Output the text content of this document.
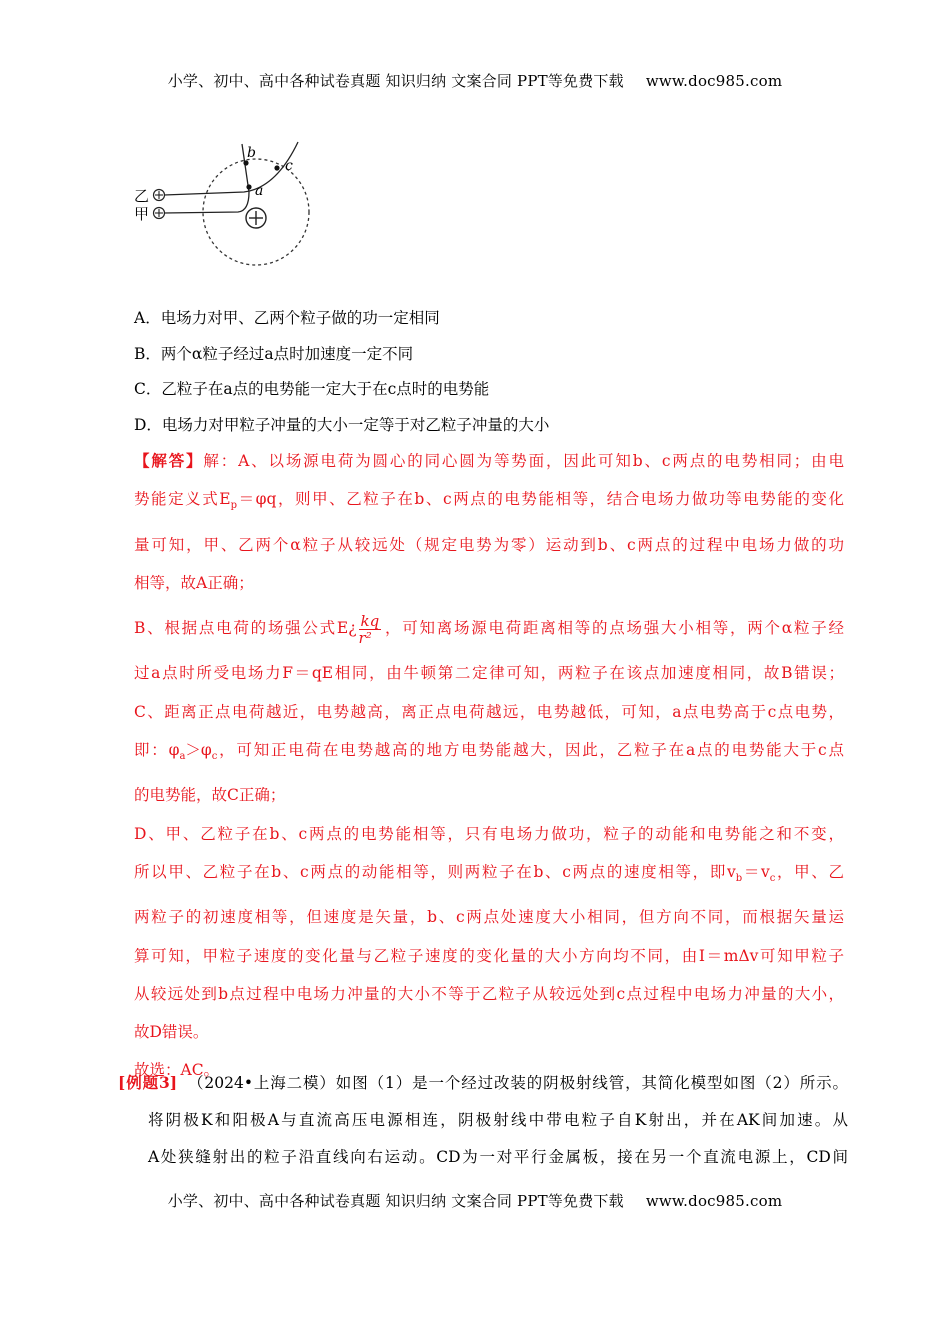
小学、初中、高中各种试卷真题 知识归纳 文案合同 PPT等免费下载 www.doc985.com
乙
甲
a
b
c
A．电场力对甲、乙两个粒子做的功一定相同
B．两个α粒子经过a点时加速度一定不同
C．乙粒子在a点的电势能一定大于在c点时的电势能
D．电场力对甲粒子冲量的大小一定等于对乙粒子冲量的大小

【解答】解：A、以场源电荷为圆心的同心圆为等势面，因此可知b、c两点的电势相同；由电

势能定义式$E_p=\varphi q$，则甲、乙粒子在b、c两点的电势能相等，结合电场力做功等电势能的变化

量可知，甲、乙两个α粒子从较远处（规定电势为零）运动到b、c两点的过程中电场力做的功

相等，故A正确；

B、根据点电荷的场强公式E¿ $\frac{kq}{\text{r²}}$ ，可知离场源电荷距离相等的点场强大小相等，两个α粒子经

过a点时所受电场力F＝qE相同，由牛顿第二定律可知，两粒子在该点加速度相同，故B错误；

C、距离正点电荷越近，电势越高，离正点电荷越远，电势越低，可知，a点电势高于c点电势，

即：$\varphi_a>\varphi_c$，可知正电荷在电势越高的地方电势能越大，因此，乙粒子在a点的电势能大于c点

的电势能，故C正确；

D、甲、乙粒子在b、c两点的电势能相等，只有电场力做功，粒子的动能和电势能之和不变，

所以甲、乙粒子在b、c两点的动能相等，则两粒子在b、c两点的速度相等，即$v_b=v_c$，甲、乙

两粒子的初速度相等，但速度是矢量，b、c两点处速度大小相同，但方向不同，而根据矢量运

算可知，甲粒子速度的变化量与乙粒子速度的变化量的大小方向均不同，由I＝mΔv可知甲粒子

从较远处到b点过程中电场力冲量的大小不等于乙粒子从较远处到c点过程中电场力冲量的大小，

故D错误。

故选：AC。

[例题3] （2024•上海二模）如图（1）是一个经过改装的阴极射线管，其简化模型如图（2）所示。

将阴极K和阳极A与直流高压电源相连，阴极射线中带电粒子自K射出，并在AK间加速。从

A处狭缝射出的粒子沿直线向右运动。CD为一对平行金属板，接在另一个直流电源上，CD间

小学、初中、高中各种试卷真题 知识归纳 文案合同 PPT等免费下载 www.doc985.com
